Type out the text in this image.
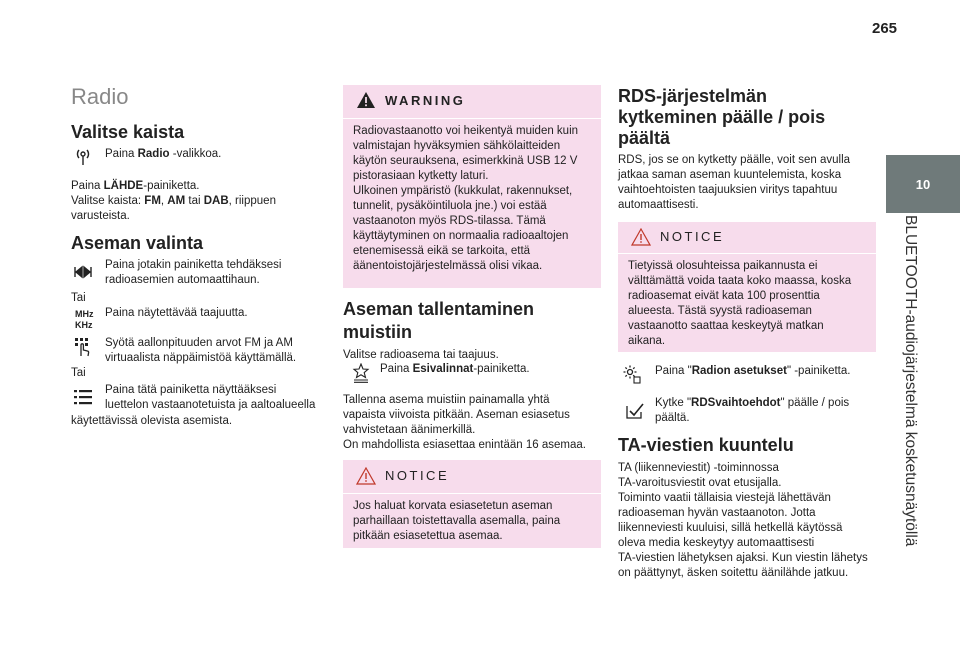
265
10
BLUETOOTH-audiojärjestelmä kosketusnäytöllä
Radio
Valitse kaista
Paina Radio -valikkoa.
Paina LÄHDE-painiketta.
Valitse kaista: FM, AM tai DAB, riippuen
varusteista.
Aseman valinta
Paina jotakin painiketta tehdäksesi
radioasemien automaattihaun.
Tai
MHz
KHz
Paina näytettävää taajuutta.
Syötä aallonpituuden arvot FM ja AM
virtuaalista näppäimistöä käyttämällä.
Tai
Paina tätä painiketta näyttääksesi
luettelon vastaanotetuista ja aaltoalueella
käytettävissä olevista asemista.
WARNING
Radiovastaanotto voi heikentyä muiden kuin
valmistajan hyväksymien sähkölaitteiden
käytön seurauksena, esimerkkinä USB 12 V
pistorasiaan kytketty laturi.
Ulkoinen ympäristö (kukkulat, rakennukset,
tunnelit, pysäköintiluola jne.) voi estää
vastaanoton myös RDS-tilassa. Tämä
käyttäytyminen on normaalia radioaaltojen
etenemisessä eikä se tarkoita, että
äänentoistojärjestelmässä olisi vikaa.
Aseman tallentaminen
muistiin
Valitse radioasema tai taajuus.
Paina Esivalinnat-painiketta.
Tallenna asema muistiin painamalla yhtä
vapaista viivoista pitkään. Aseman esiasetus
vahvistetaan äänimerkillä.
On mahdollista esiasettaa enintään 16 asemaa.
NOTICE
Jos haluat korvata esiasetetun aseman
parhaillaan toistettavalla asemalla, paina
pitkään esiasetettua asemaa.
RDS-järjestelmän
kytkeminen päälle / pois
päältä
RDS, jos se on kytketty päälle, voit sen avulla
jatkaa saman aseman kuuntelemista, koska
vaihtoehtoisten taajuuksien viritys tapahtuu
automaattisesti.
NOTICE
Tietyissä olosuhteissa paikannusta ei
välttämättä voida taata koko maassa, koska
radioasemat eivät kata 100 prosenttia
alueesta. Tästä syystä radioaseman
vastaanotto saattaa keskeytyä matkan
aikana.
Paina "Radion asetukset" -painiketta.
Kytke "RDSvaihtoehdot" päälle / pois
päältä.
TA-viestien kuuntelu
TA (liikenneviestit) -toiminnossa
TA-varoitusviestit ovat etusijalla.
Toiminto vaatii tällaisia viestejä lähettävän
radioaseman hyvän vastaanoton. Jotta
liikenneviesti kuuluisi, sillä hetkellä käytössä
oleva media keskeytyy automaattisesti
TA-viestien lähetyksen ajaksi. Kun viestin lähetys
on päättynyt, äsken soitettu äänilähde jatkuu.
